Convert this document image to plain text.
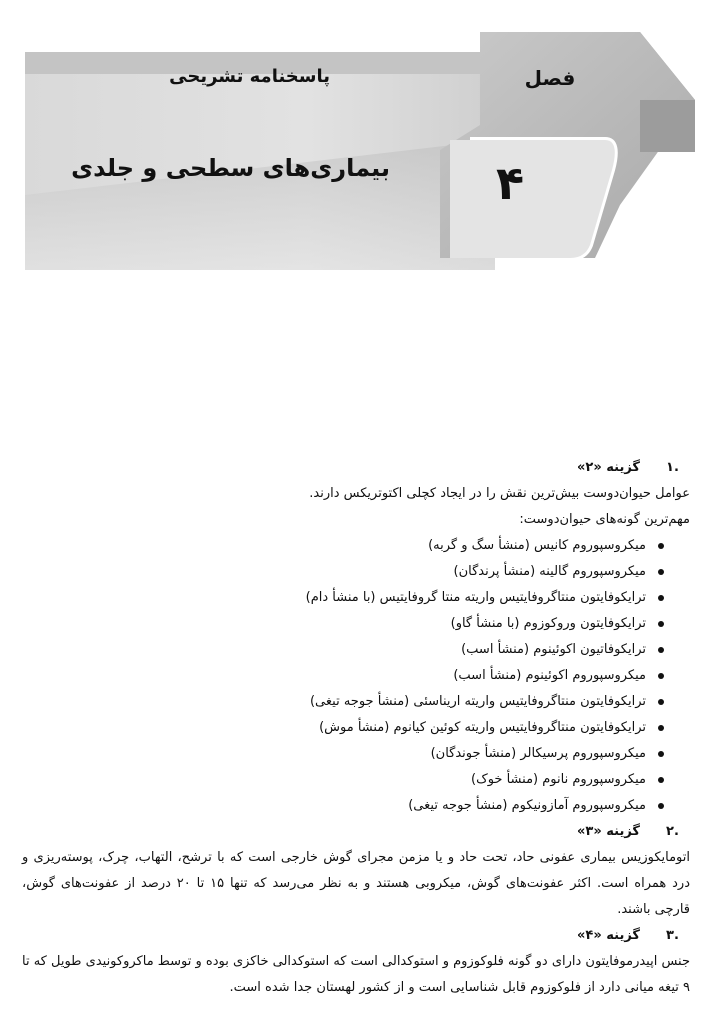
پاسخنامه تشریحی
بیماری‌های سطحی و جلدی
فصل
۴
.۱
گزینه «۲»

عوامل حیوان‌دوست بیش‌ترین نقش را در ایجاد کچلی اکتوتریکس دارند.

مهم‌ترین گونه‌های حیوان‌دوست:

میکروسپوروم کانیس (منشأ سگ و گربه)
میکروسپوروم گالینه (منشأ پرندگان)
ترایکوفایتون منتاگروفایتیس واریته منتا گروفایتیس (با منشأ دام)
ترایکوفایتون وروکوزوم (با منشأ گاو)
ترایکوفاتیون اکوئینوم (منشأ اسب)
میکروسپوروم اکوئینوم (منشأ اسب)
ترایکوفایتون منتاگروفایتیس واریته اریناسئی (منشأ جوجه تیغی)
ترایکوفایتون منتاگروفایتیس واریته کوئین کیانوم (منشأ موش)
میکروسپوروم پرسیکالر (منشأ جوندگان)
میکروسپوروم نانوم (منشأ خوک)
میکروسپوروم آمازونیکوم (منشأ جوجه تیغی)
.۲
گزینه «۳»

اتومایکوزیس بیماری عفونی حاد، تحت حاد و یا مزمن مجرای گوش خارجی است که با ترشح، التهاب، چرک، پوسته‌ریزی و درد همراه است. اکثر عفونت‌های گوش، میکروبی هستند و به نظر می‌رسد که تنها ۱۵ تا ۲۰ درصد از عفونت‌های گوش، قارچی باشند.

.۳
گزینه «۴»

جنس اپیدرموفایتون دارای دو گونه فلوکوزوم و استوکدالی است که استوکدالی خاکزی بوده و توسط ماکروکونیدی طویل که تا ۹ تیغه میانی دارد از فلوکوزوم قابل شناسایی است و از کشور لهستان جدا شده است.
